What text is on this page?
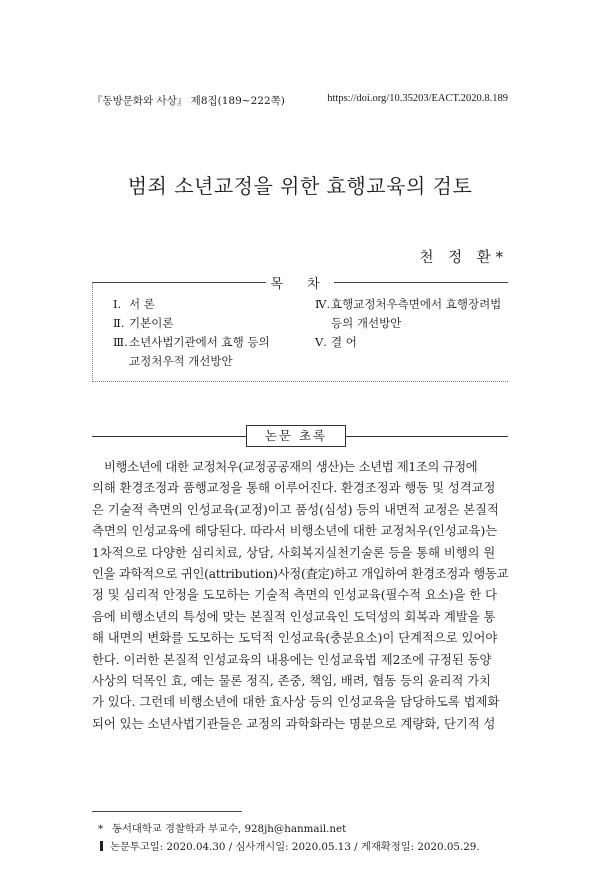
『동방문화와 사상』 제8집(189~222쪽)	https://doi.org/10.35203/EACT.2020.8.189
범죄 소년교정을 위한 효행교육의 검토
천 정 환*
목 차
Ⅰ. 서 론
Ⅱ. 기본이론
Ⅲ.소년사법기관에서 효행 등의
교정처우적 개선방안
Ⅳ.효행교정처우측면에서 효행장려법
등의 개선방안
Ⅴ. 결 어
논문 초록
비행소년에 대한 교정처우(교정공공재의 생산)는 소년법 제1조의 규정에
의해 환경조정과 품행교정을 통해 이루어진다. 환경조정과 행동 및 성격교정
은 기술적 측면의 인성교육(교정)이고 품성(심성) 등의 내면적 교정은 본질적
측면의 인성교육에 해당된다. 따라서 비행소년에 대한 교정처우(인성교육)는
1차적으로 다양한 심리치료, 상담, 사회복지실천기술론 등을 통해 비행의 원
인을 과학적으로 귀인(attribution)사정(査定)하고 개입하여 환경조정과 행동교
정 및 심리적 안정을 도모하는 기술적 측면의 인성교육(필수적 요소)을 한 다
음에 비행소년의 특성에 맞는 본질적 인성교육인 도덕성의 회복과 계발을 통
해 내면의 변화를 도모하는 도덕적 인성교육(충분요소)이 단계적으로 있어야
한다. 이러한 본질적 인성교육의 내용에는 인성교육법 제2조에 규정된 동양
사상의 덕목인 효, 예는 물론 정직, 존중, 책임, 배려, 협동 등의 윤리적 가치
가 있다. 그런데 비행소년에 대한 효사상 등의 인성교육을 담당하도록 법제화
되어 있는 소년사법기관들은 교정의 과학화라는 명분으로 계량화, 단기적 성
* 동서대학교 경찰학과 부교수, 928jh@hanmail.net
논문투고일: 2020.04.30 / 심사개시일: 2020.05.13 / 게재확정일: 2020.05.29.
